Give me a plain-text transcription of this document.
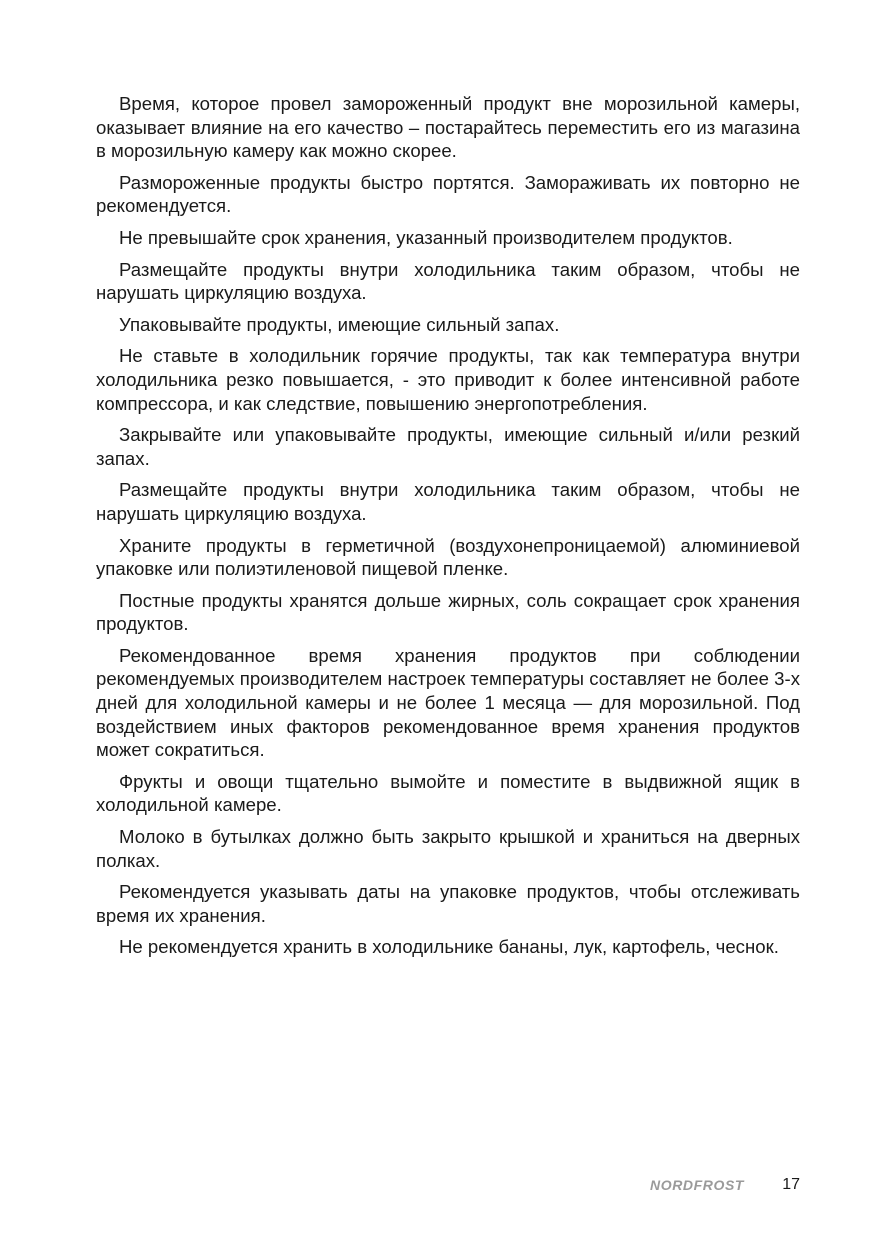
Время, которое провел замороженный продукт вне морозильной камеры, оказывает влияние на его качество – постарайтесь переместить его из магазина в морозильную камеру как можно скорее.

Размороженные продукты быстро портятся. Замораживать их повторно не рекомендуется.

Не превышайте срок хранения, указанный производителем продуктов.

Размещайте продукты внутри холодильника таким образом, чтобы не нарушать циркуляцию воздуха.

Упаковывайте продукты, имеющие сильный запах.

Не ставьте в холодильник горячие продукты, так как температура внутри холодильника резко повышается, - это приводит к более интенсивной работе компрессора, и как следствие, повышению энергопотребления.

Закрывайте или упаковывайте продукты, имеющие сильный и/или резкий запах.

Размещайте продукты внутри холодильника таким образом, чтобы не нарушать циркуляцию воздуха.

Храните продукты в герметичной (воздухонепроницаемой) алюминиевой упаковке или полиэтиленовой пищевой пленке.

Постные продукты хранятся дольше жирных, соль сокращает срок хранения продуктов.

Рекомендованное время хранения продуктов при соблюдении рекомендуемых производителем настроек температуры составляет не более 3-х дней для холодильной камеры и не более 1 месяца — для морозильной. Под воздействием иных факторов рекомендованное время хранения продуктов может сократиться.

Фрукты и овощи тщательно вымойте и поместите в выдвижной ящик в холодильной камере.

Молоко в бутылках должно быть закрыто крышкой и храниться на дверных полках.

Рекомендуется указывать даты на упаковке продуктов, чтобы отслеживать время их хранения.

Не рекомендуется хранить в холодильнике бананы, лук, картофель, чеснок.

NORDFROST 17
